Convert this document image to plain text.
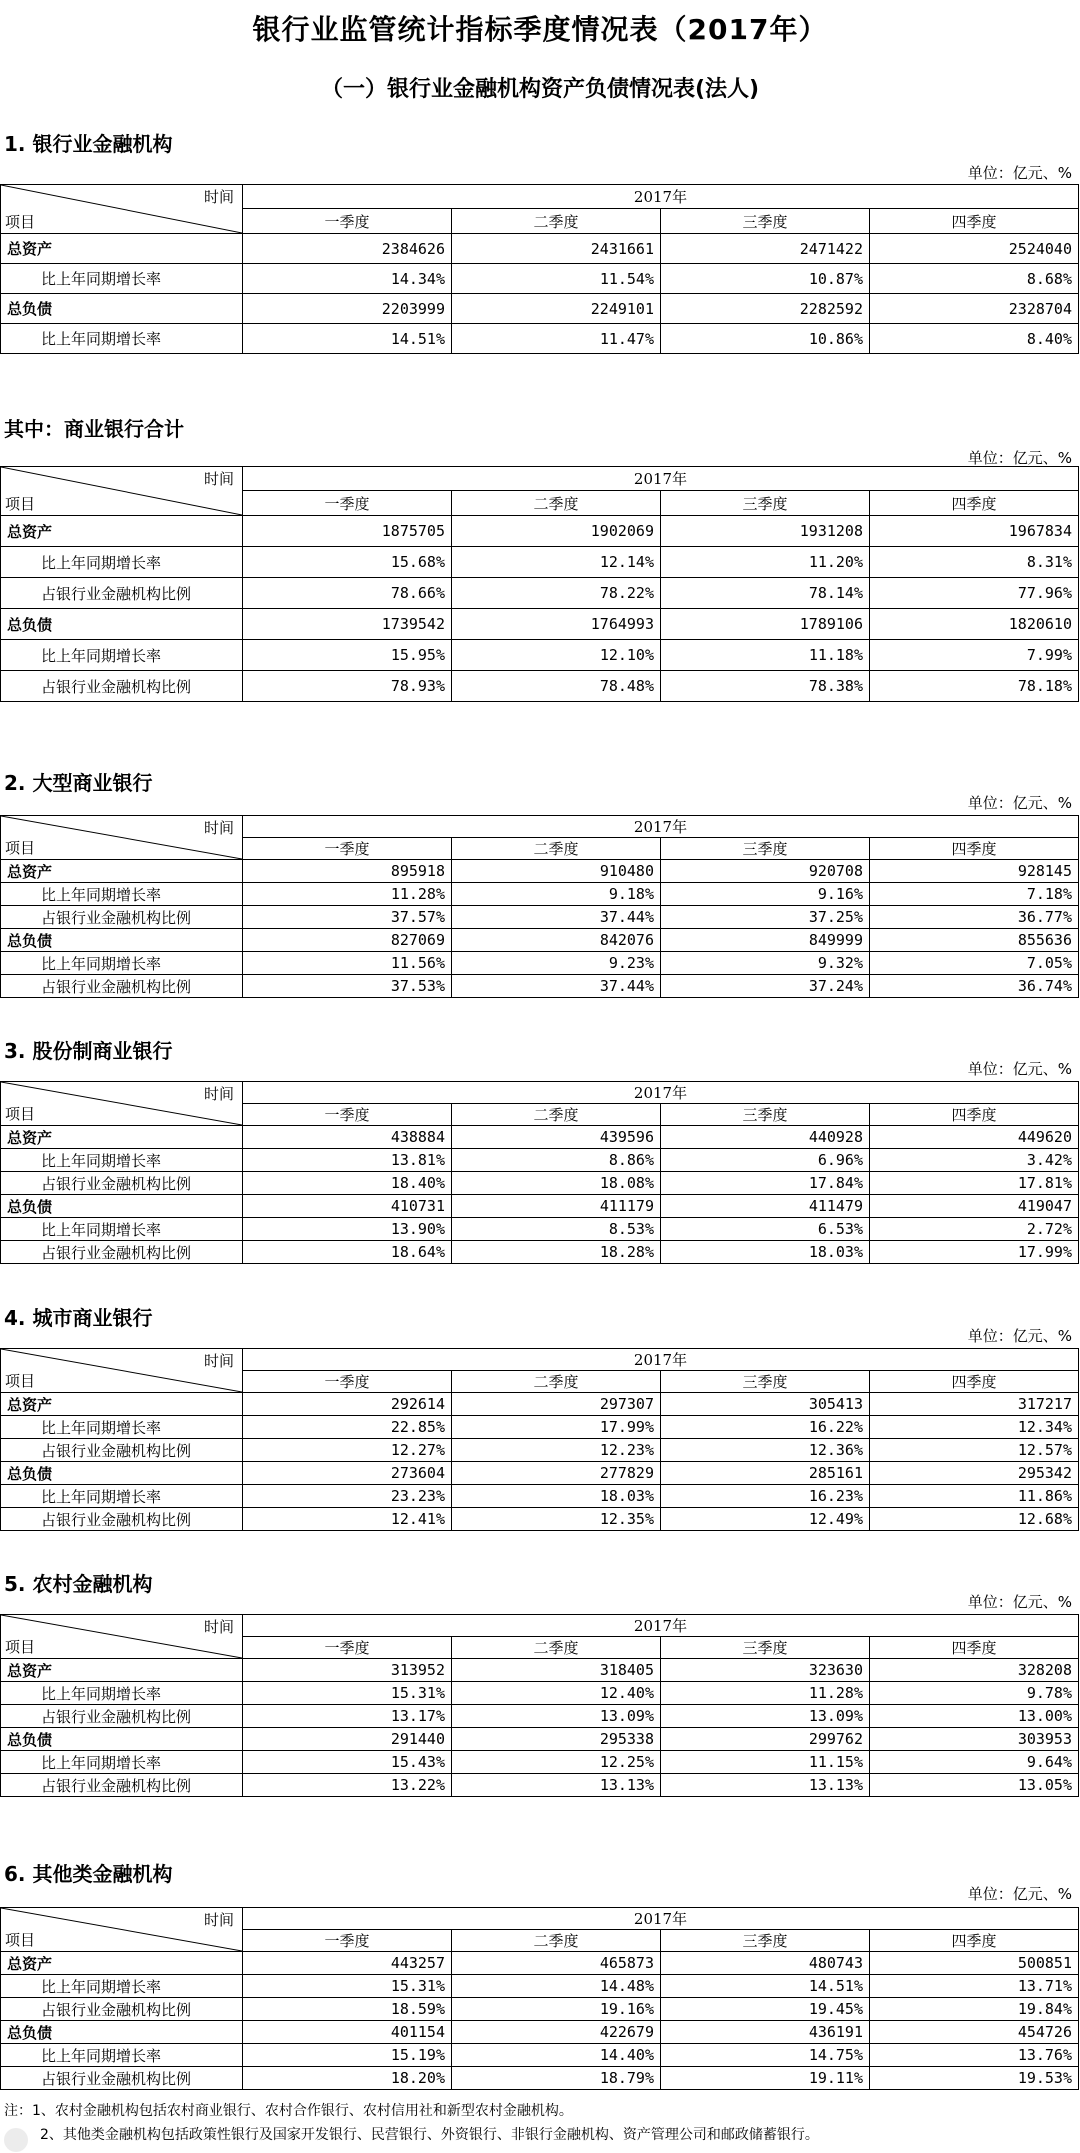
银行业监管统计指标季度情况表（2017年）
（一）银行业金融机构资产负债情况表(法人)
1. 银行业金融机构
单位：亿元、%
时间
项目	2017年			
	一季度	二季度	三季度	四季度
总资产	2384626	2431661	2471422	2524040
比上年同期增长率	14.34%	11.54%	10.87%	8.68%
总负债	2203999	2249101	2282592	2328704
比上年同期增长率	14.51%	11.47%	10.86%	8.40%
其中：商业银行合计
单位：亿元、%
时间
项目	2017年			
	一季度	二季度	三季度	四季度
总资产	1875705	1902069	1931208	1967834
比上年同期增长率	15.68%	12.14%	11.20%	8.31%
占银行业金融机构比例	78.66%	78.22%	78.14%	77.96%
总负债	1739542	1764993	1789106	1820610
比上年同期增长率	15.95%	12.10%	11.18%	7.99%
占银行业金融机构比例	78.93%	78.48%	78.38%	78.18%
2. 大型商业银行
单位：亿元、%
时间
项目	2017年			
	一季度	二季度	三季度	四季度
总资产	895918	910480	920708	928145
比上年同期增长率	11.28%	9.18%	9.16%	7.18%
占银行业金融机构比例	37.57%	37.44%	37.25%	36.77%
总负债	827069	842076	849999	855636
比上年同期增长率	11.56%	9.23%	9.32%	7.05%
占银行业金融机构比例	37.53%	37.44%	37.24%	36.74%
3. 股份制商业银行
单位：亿元、%
时间
项目	2017年			
	一季度	二季度	三季度	四季度
总资产	438884	439596	440928	449620
比上年同期增长率	13.81%	8.86%	6.96%	3.42%
占银行业金融机构比例	18.40%	18.08%	17.84%	17.81%
总负债	410731	411179	411479	419047
比上年同期增长率	13.90%	8.53%	6.53%	2.72%
占银行业金融机构比例	18.64%	18.28%	18.03%	17.99%
4. 城市商业银行
单位：亿元、%
时间
项目	2017年			
	一季度	二季度	三季度	四季度
总资产	292614	297307	305413	317217
比上年同期增长率	22.85%	17.99%	16.22%	12.34%
占银行业金融机构比例	12.27%	12.23%	12.36%	12.57%
总负债	273604	277829	285161	295342
比上年同期增长率	23.23%	18.03%	16.23%	11.86%
占银行业金融机构比例	12.41%	12.35%	12.49%	12.68%
5. 农村金融机构
单位：亿元、%
时间
项目	2017年			
	一季度	二季度	三季度	四季度
总资产	313952	318405	323630	328208
比上年同期增长率	15.31%	12.40%	11.28%	9.78%
占银行业金融机构比例	13.17%	13.09%	13.09%	13.00%
总负债	291440	295338	299762	303953
比上年同期增长率	15.43%	12.25%	11.15%	9.64%
占银行业金融机构比例	13.22%	13.13%	13.13%	13.05%
6. 其他类金融机构
单位：亿元、%
时间
项目	2017年			
	一季度	二季度	三季度	四季度
总资产	443257	465873	480743	500851
比上年同期增长率	15.31%	14.48%	14.51%	13.71%
占银行业金融机构比例	18.59%	19.16%	19.45%	19.84%
总负债	401154	422679	436191	454726
比上年同期增长率	15.19%	14.40%	14.75%	13.76%
占银行业金融机构比例	18.20%	18.79%	19.11%	19.53%
注：1、农村金融机构包括农村商业银行、农村合作银行、农村信用社和新型农村金融机构。
2、其他类金融机构包括政策性银行及国家开发银行、民营银行、外资银行、非银行金融机构、资产管理公司和邮政储蓄银行。
